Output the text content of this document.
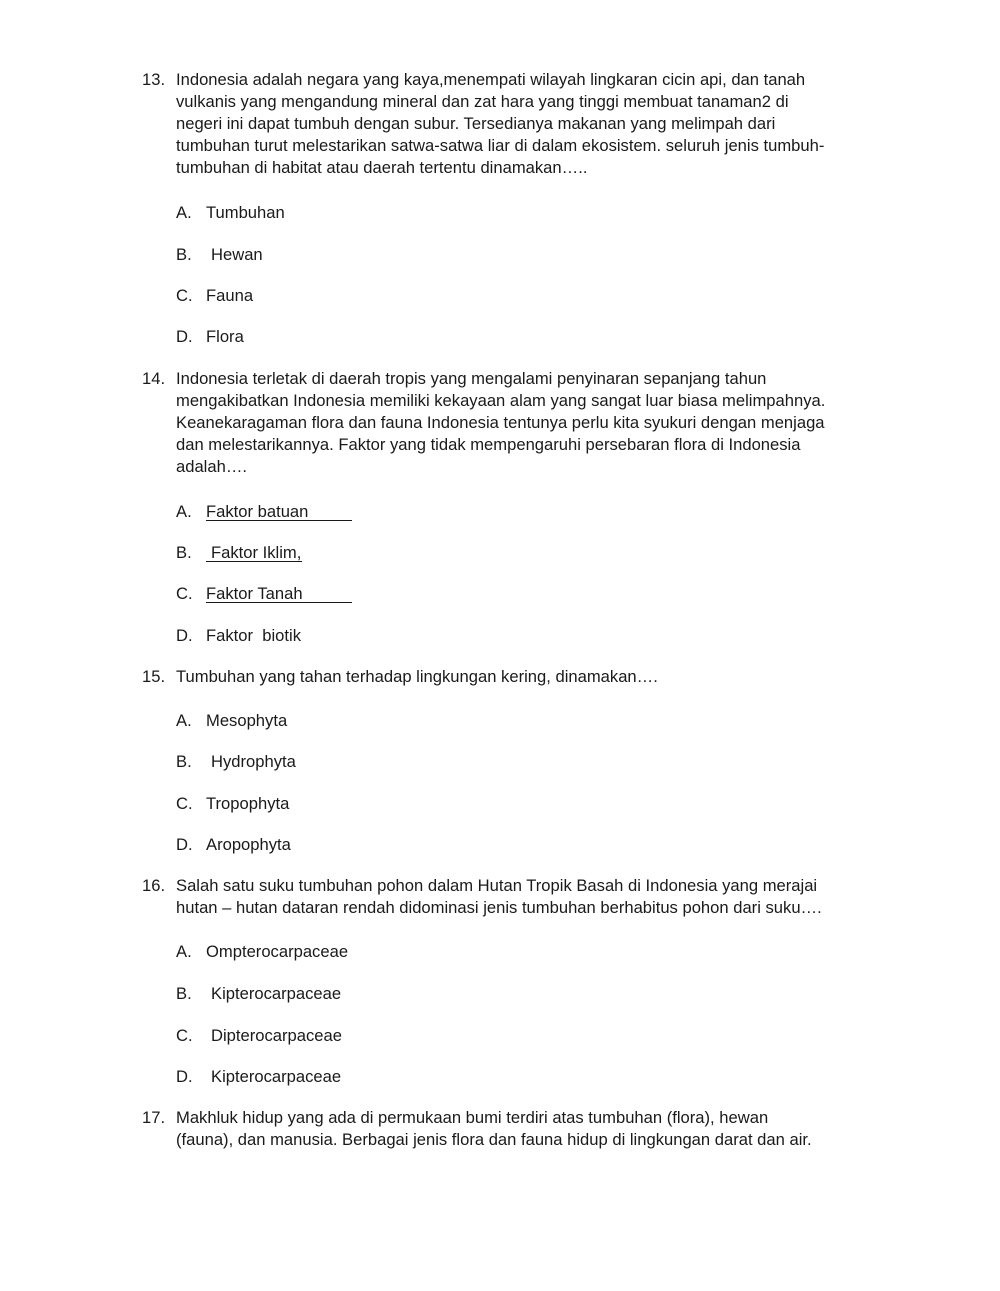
13. Indonesia adalah negara yang kaya,menempati wilayah lingkaran cicin api, dan tanah
vulkanis yang mengandung mineral dan zat hara yang tinggi membuat tanaman2 di
negeri ini dapat tumbuh dengan subur. Tersedianya makanan yang melimpah dari
tumbuhan turut melestarikan satwa-satwa liar di dalam ekosistem. seluruh jenis tumbuh-
tumbuhan di habitat atau daerah tertentu dinamakan…..
A. Tumbuhan
B. Hewan
C. Fauna
D. Flora
14. Indonesia terletak di daerah tropis yang mengalami penyinaran sepanjang tahun
mengakibatkan Indonesia memiliki kekayaan alam yang sangat luar biasa melimpahnya.
Keanekaragaman flora dan fauna Indonesia tentunya perlu kita syukuri dengan menjaga
dan melestarikannya. Faktor yang tidak mempengaruhi persebaran flora di Indonesia
adalah….
A. Faktor batuan
B. Faktor Iklim,
C. Faktor Tanah
D. Faktor  biotik
15. Tumbuhan yang tahan terhadap lingkungan kering, dinamakan….
A. Mesophyta
B. Hydrophyta
C. Tropophyta
D. Aropophyta
16. Salah satu suku tumbuhan pohon dalam Hutan Tropik Basah di Indonesia yang merajai
hutan – hutan dataran rendah didominasi jenis tumbuhan berhabitus pohon dari suku….
A. Ompterocarpaceae
B. Kipterocarpaceae
C. Dipterocarpaceae
D. Kipterocarpaceae
17. Makhluk hidup yang ada di permukaan bumi terdiri atas tumbuhan (flora), hewan
(fauna), dan manusia. Berbagai jenis flora dan fauna hidup di lingkungan darat dan air.
